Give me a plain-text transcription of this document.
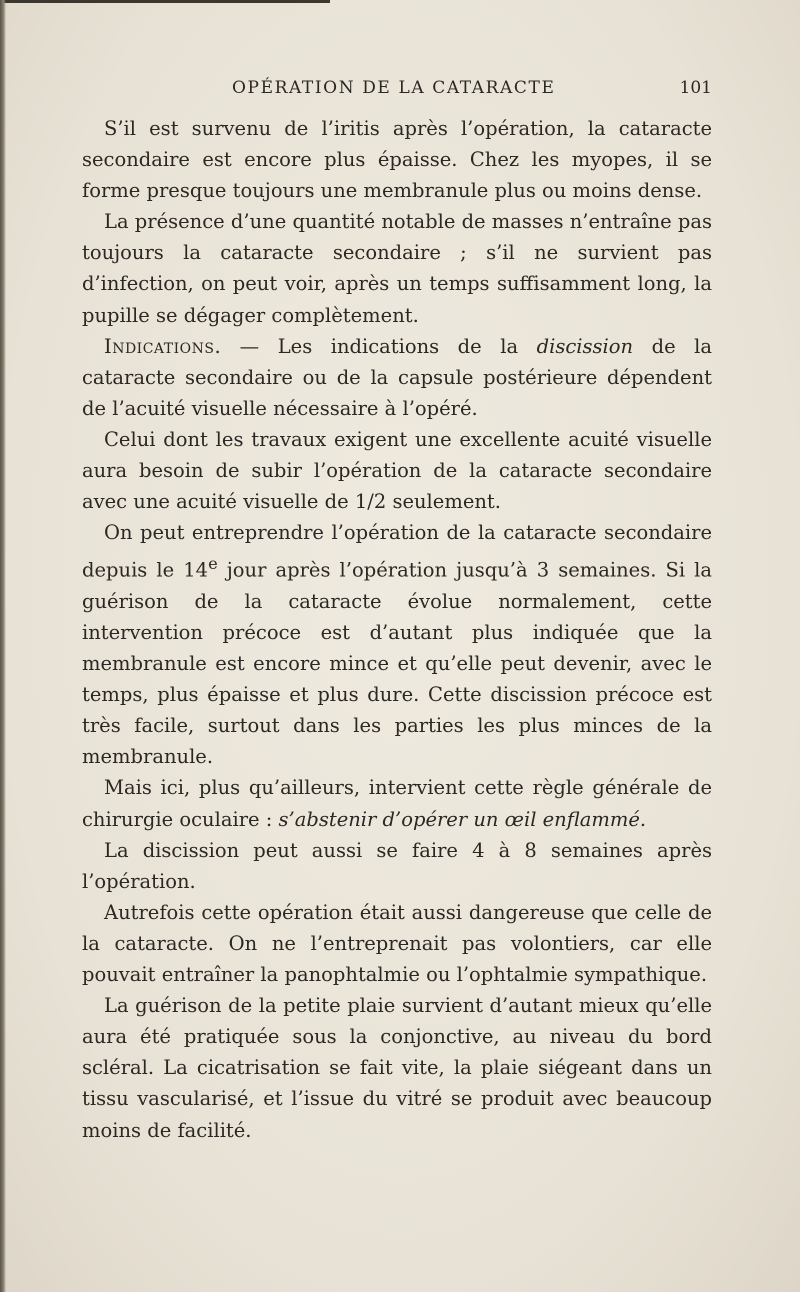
OPÉRATION DE LA CATARACTE	101

S’il est survenu de l’iritis après l’opération, la cataracte secondaire est encore plus épaisse. Chez les myopes, il se forme presque toujours une membranule plus ou moins dense.

La présence d’une quantité notable de masses n’entraîne pas toujours la cataracte secondaire ; s’il ne survient pas d’infection, on peut voir, après un temps suffisamment long, la pupille se dégager complètement.

Indications. — Les indications de la discission de la cataracte secondaire ou de la capsule postérieure dépendent de l’acuité visuelle nécessaire à l’opéré.

Celui dont les travaux exigent une excellente acuité visuelle aura besoin de subir l’opération de la cataracte secondaire avec une acuité visuelle de 1/2 seulement.

On peut entreprendre l’opération de la cataracte secondaire depuis le 14e jour après l’opération jusqu’à 3 semaines. Si la guérison de la cataracte évolue normalement, cette intervention précoce est d’autant plus indiquée que la membranule est encore mince et qu’elle peut devenir, avec le temps, plus épaisse et plus dure. Cette discission précoce est très facile, surtout dans les parties les plus minces de la membranule.

Mais ici, plus qu’ailleurs, intervient cette règle générale de chirurgie oculaire : s’abstenir d’opérer un œil enflammé.

La discission peut aussi se faire 4 à 8 semaines après l’opération.

Autrefois cette opération était aussi dangereuse que celle de la cataracte. On ne l’entreprenait pas volontiers, car elle pouvait entraîner la panophtalmie ou l’ophtalmie sympathique.

La guérison de la petite plaie survient d’autant mieux qu’elle aura été pratiquée sous la conjonctive, au niveau du bord scléral. La cicatrisation se fait vite, la plaie siégeant dans un tissu vascularisé, et l’issue du vitré se produit avec beaucoup moins de facilité.
